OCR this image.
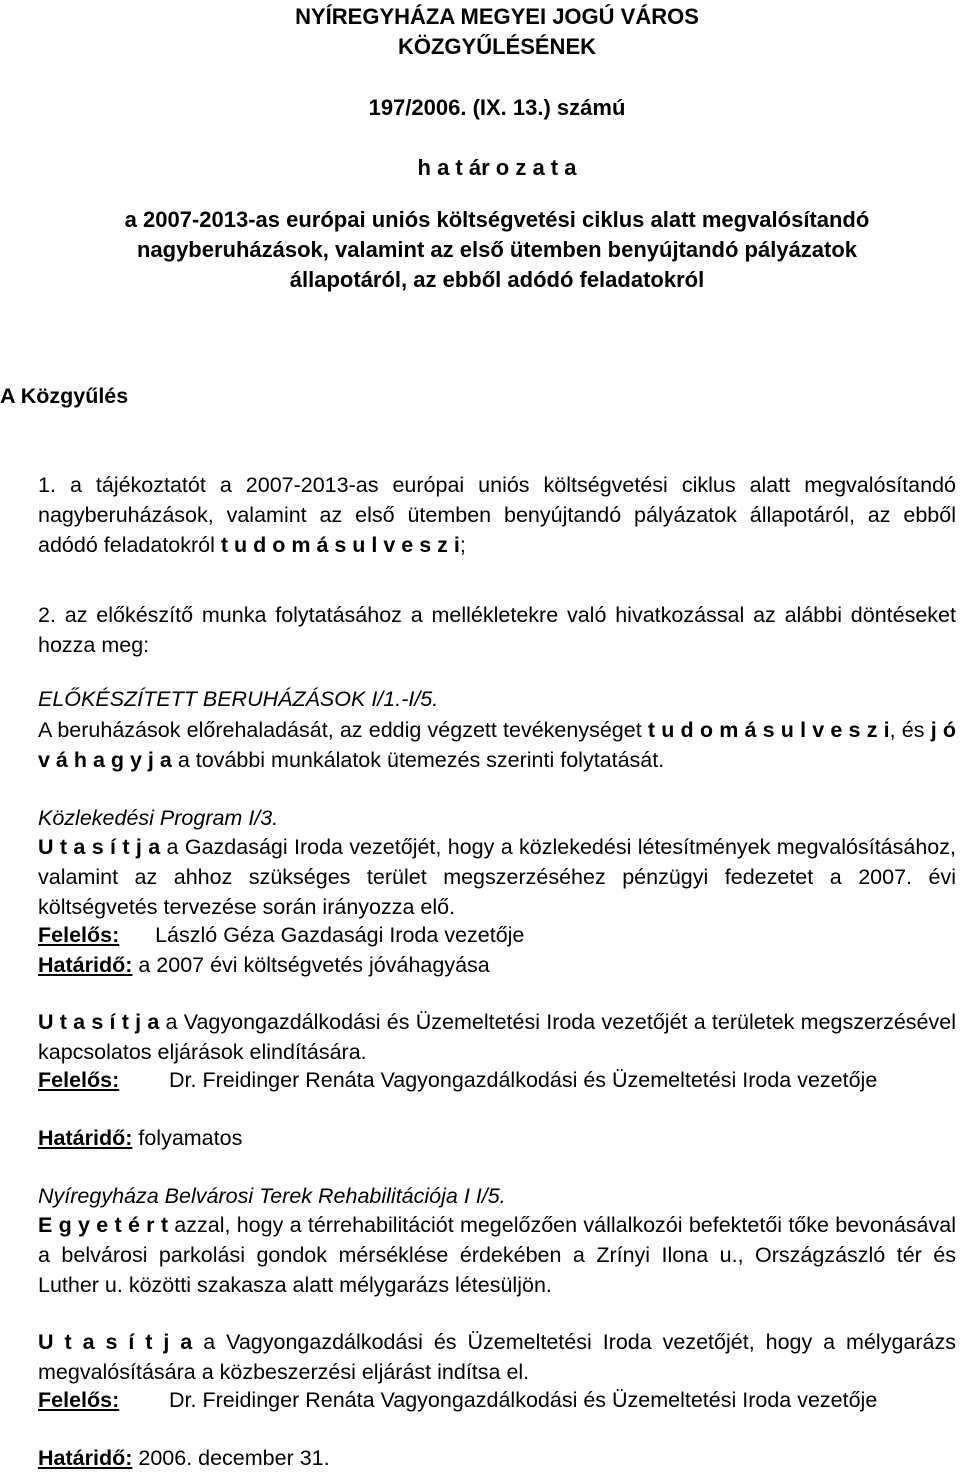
NYÍREGYHÁZA MEGYEI JOGÚ VÁROS
KÖZGYŰLÉSÉNEK
197/2006. (IX. 13.) számú
h a t ár o z a t a
a 2007-2013-as európai uniós költségvetési ciklus alatt megvalósítandó
nagyberuházások, valamint az első ütemben benyújtandó pályázatok
állapotáról, az ebből adódó feladatokról
A Közgyűlés
1. a tájékoztatót a 2007-2013-as európai uniós költségvetési ciklus alatt megvalósítandó nagyberuházások, valamint az első ütemben benyújtandó pályázatok állapotáról, az ebből adódó feladatokról t u d o m á s u l v e s z i;
2. az előkészítő munka folytatásához a mellékletekre való hivatkozással az alábbi döntéseket hozza meg:
ELŐKÉSZÍTETT BERUHÁZÁSOK I/1.-I/5.
A beruházások előrehaladását, az eddig végzett tevékenységet t u d o m á s u l v e s z i, és j ó v á h a g y j a a további munkálatok ütemezés szerinti folytatását.
Közlekedési Program I/3.
U t a s í t j a a Gazdasági Iroda vezetőjét, hogy a közlekedési létesítmények megvalósításához, valamint az ahhoz szükséges terület megszerzéséhez pénzügyi fedezetet a 2007. évi költségvetés tervezése során irányozza elő.
Felelős: László Géza Gazdasági Iroda vezetője
Határidő: a 2007 évi költségvetés jóváhagyása
U t a s í t j a a Vagyongazdálkodási és Üzemeltetési Iroda vezetőjét a területek megszerzésével kapcsolatos eljárások elindítására.
Felelős:	Dr. Freidinger Renáta Vagyongazdálkodási és Üzemeltetési Iroda vezetője
Határidő: folyamatos
Nyíregyháza Belvárosi Terek Rehabilitációja I I/5.
E g y e t é r t azzal, hogy a térrehabilitációt megelőzően vállalkozói befektetői tőke bevonásával a belvárosi parkolási gondok mérséklése érdekében a Zrínyi Ilona u., Országzászló tér és Luther u. közötti szakasza alatt mélygarázs létesüljön.
U t a s í t j a a Vagyongazdálkodási és Üzemeltetési Iroda vezetőjét, hogy a mélygarázs megvalósítására a közbeszerzési eljárást indítsa el.
Felelős:	Dr. Freidinger Renáta Vagyongazdálkodási és Üzemeltetési Iroda vezetője
Határidő: 2006. december 31.
